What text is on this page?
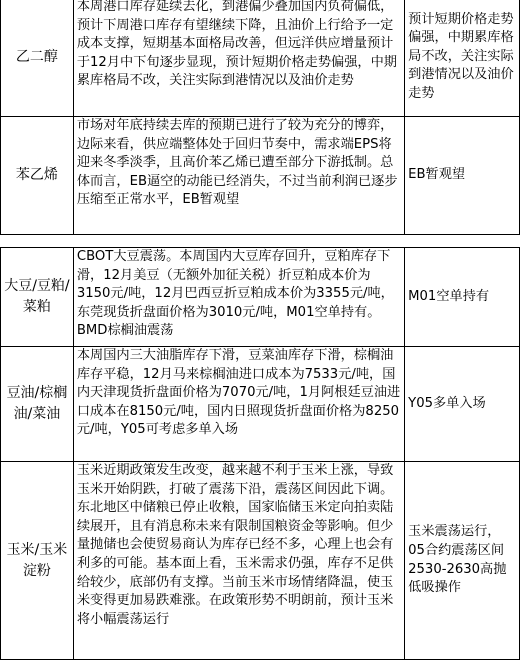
乙二醇	本周港口库存延续去化，到港偏少叠加国内负荷偏低，预计下周港口库存有望继续下降，且油价上行给予一定成本支撑，短期基本面格局改善，但远洋供应增量预计于12月中下旬逐步显现，预计短期价格走势偏强，中期累库格局不改，关注实际到港情况以及油价走势	预计短期价格走势偏强，中期累库格局不改，关注实际到港情况以及油价走势
苯乙烯	市场对年底持续去库的预期已进行了较为充分的博弈，边际来看，供应端整体处于回归节奏中，需求端EPS将迎来冬季淡季，且高价苯乙烯已遭至部分下游抵制。总体而言，EB逼空的动能已经消失，不过当前利润已逐步压缩至正常水平，EB暂观望	EB暂观望
大豆/豆粕/菜粕	CBOT大豆震荡。本周国内大豆库存回升，豆粕库存下滑，12月美豆（无额外加征关税）折豆粕成本价为3150元/吨，12月巴西豆折豆粕成本价为3355元/吨，东莞现货折盘面价格为3010元/吨，M01空单持有。BMD棕榈油震荡	M01空单持有
豆油/棕榈油/菜油	本周国内三大油脂库存下滑，豆菜油库存下滑，棕榈油库存平稳，12月马来棕榈油进口成本为7533元/吨，国内天津现货折盘面价格为7070元/吨，1月阿根廷豆油进口成本在8150元/吨，国内日照现货折盘面价格为8250元/吨，Y05可考虑多单入场	Y05多单入场
玉米/玉米淀粉	玉米近期政策发生改变，越来越不利于玉米上涨，导致玉米开始阴跌，打破了震荡下沿，震荡区间因此下调。东北地区中储粮已停止收粮，国家临储玉米定向拍卖陆续展开，且有消息称未来有限制国粮资金等影响。但少量抛储也会使贸易商认为库存已经不多，心理上也会有利多的可能。基本面上看，玉米需求仍强，库存不足供给较少，底部仍有支撑。当前玉米市场情绪降温，使玉米变得更加易跌难涨。在政策形势不明朗前，预计玉米将小幅震荡运行	玉米震荡运行，05合约震荡区间2530-2630高抛低吸操作
